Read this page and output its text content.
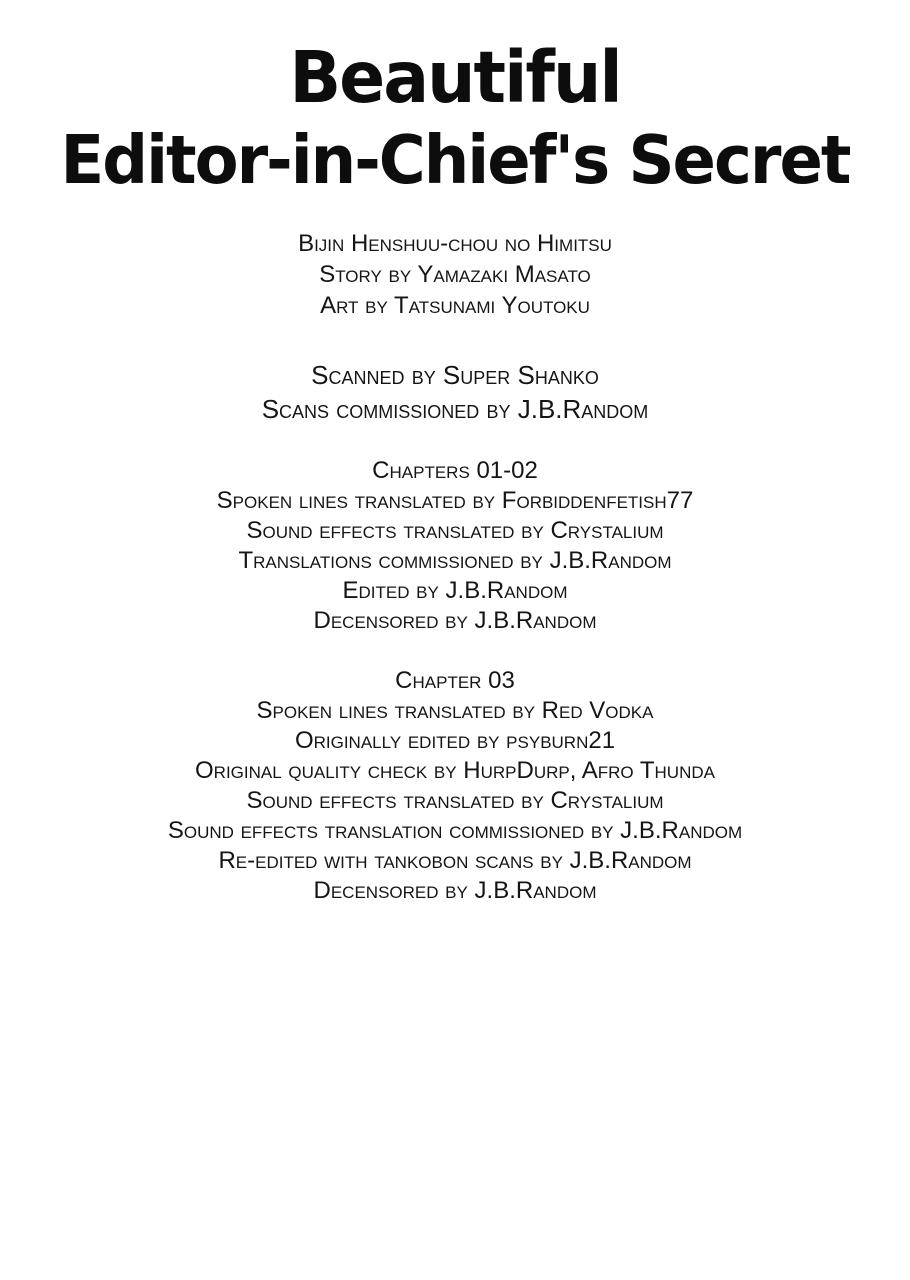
Beautiful
Editor-in-Chief's Secret
Bijin Henshuu-chou no Himitsu
Story by Yamazaki Masato
Art by Tatsunami Youtoku
Scanned by Super Shanko
Scans commissioned by J.B.Random
Chapters 01-02
Spoken lines translated by Forbiddenfetish77
Sound effects translated by Crystalium
Translations commissioned by J.B.Random
Edited by J.B.Random
Decensored by J.B.Random
Chapter 03
Spoken lines translated by Red Vodka
Originally edited by psyburn21
Original quality check by HurpDurp, Afro Thunda
Sound effects translated by Crystalium
Sound effects translation commissioned by J.B.Random
Re-edited with tankobon scans by J.B.Random
Decensored by J.B.Random
